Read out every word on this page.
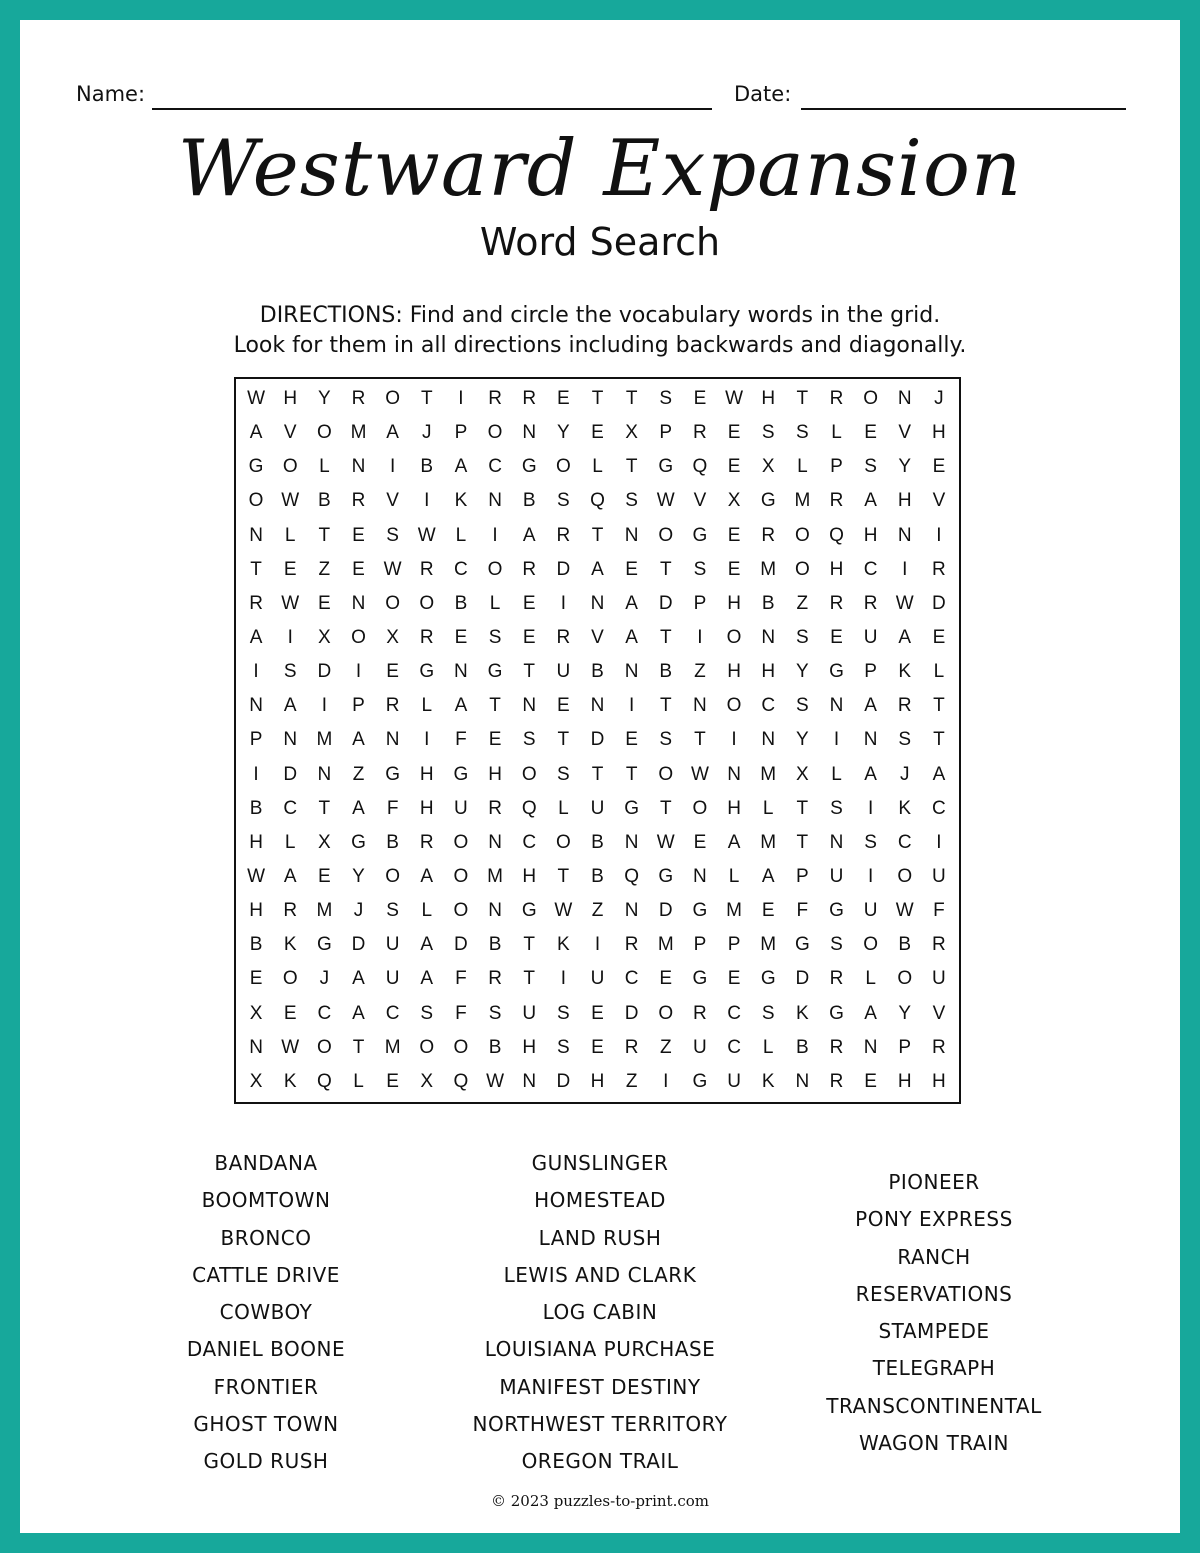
Name:	Date:
Westward Expansion
Word Search
DIRECTIONS: Find and circle the vocabulary words in the grid.
Look for them in all directions including backwards and diagonally.
W H	Y	R	O	T	I	R	R	E	T	T	S	E W H	T	R	O	N	J
A	V	O M	A	J	P	O	N	Y	E	X	P	R	E	S	S	L	E	V	H
G	O	L	N	I	B	A	C	G	O	L	T	G	Q	E	X	L	P	S	Y	E
O W B	R	V	I	K	N	B	S	Q	S W V	X	G M	R	A	H	V
N	L	T	E	S W	L	I	A	R	T	N	O	G	E	R	O	Q	H	N	I
T	E	Z	E W R	C	O	R	D	A	E	T	S	E	M O	H	C	I	R
R W E	N	O	O	B	L	E	I	N	A	D	P	H	B	Z	R	R W D
A	I	X	O	X	R	E	S	E	R	V	A	T	I	O	N	S	E	U	A	E
I	S	D	I	E	G	N	G	T	U	B	N	B	Z	H	H	Y	G	P	K	L
N	A	I	P	R	L	A	T	N	E	N	I	T	N	O	C	S	N	A	R	T
P	N	M	A	N	I	F	E	S	T	D	E	S	T	I	N	Y	I	N	S	T
I	D	N	Z	G	H	G	H	O	S	T	T	O W N	M	X	L	A	J	A
B	C	T	A	F	H	U	R	Q	L	U	G	T	O	H	L	T	S	I	K	C
H	L	X	G	B	R	O	N	C	O	B	N W E	A	M	T	N	S	C	I
W A	E	Y	O	A	O M	H	T	B	Q	G	N	L	A	P	U	I	O	U
H	R	M	J	S	L	O	N	G W	Z	N	D	G M	E	F	G	U W	F
B	K	G	D	U	A	D	B	T	K	I	R	M	P	P	M G	S	O	B	R
E	O	J	A	U	A	F	R	T	I	U	C	E	G	E	G	D	R	L	O	U
X	E	C	A	C	S	F	S	U	S	E	D	O	R	C	S	K	G	A	Y	V
N W O	T	M O	O	B	H	S	E	R	Z	U	C	L	B	R	N	P	R
X	K	Q	L	E	X	Q W N	D	H	Z	I	G	U	K	N	R	E	H	H
BANDANA
BOOMTOWN
BRONCO
CATTLE DRIVE
COWBOY
DANIEL BOONE
FRONTIER
GHOST TOWN
GOLD RUSH
GUNSLINGER
HOMESTEAD
LAND RUSH
LEWIS AND CLARK
LOG CABIN
LOUISIANA PURCHASE
MANIFEST DESTINY
NORTHWEST TERRITORY
OREGON TRAIL
PIONEER
PONY EXPRESS
RANCH
RESERVATIONS
STAMPEDE
TELEGRAPH
TRANSCONTINENTAL
WAGON TRAIN
© 2023 puzzles-to-print.com
